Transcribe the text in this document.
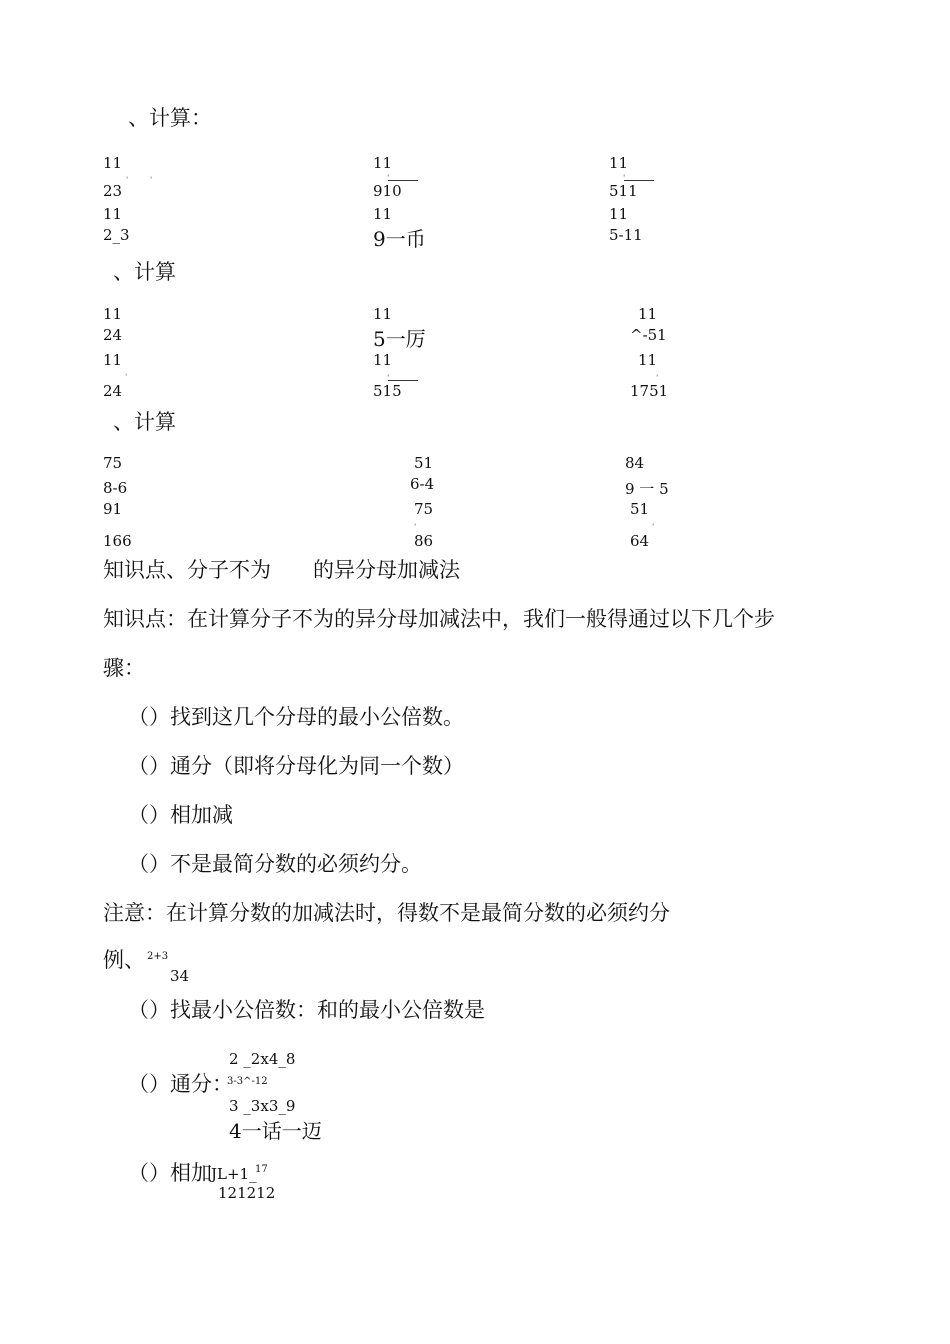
、计算：
11
ˈ	ˈ
23
11
2_3
11
ˈ
910
11
9一币
11
ˈ
511
11
5-11
、计算
11
24
11
ˈ
24
11
5一厉
11
ˈ
515
11
^-51
11
ˈ
1751
、计算
75
8-6
91
166
51
6-4
75
ˈ
86
84
9 一 5
51
ˈ
64
知识点、分子不为　　的异分母加减法
知识点：在计算分子不为的异分母加减法中，我们一般得通过以下几个步
骤：
（）找到这几个分母的最小公倍数。
（）通分（即将分母化为同一个数）
（）相加减
（）不是最简分数的必须约分。
注意：在计算分数的加减法时，得数不是最简分数的必须约分
例、 2+3
34
（）找最小公倍数：和的最小公倍数是
（）通分：
2 _2x4_8
3-3^-12
3 _3x3_9
4一话一迈
（）相加 JL+1_
17
121212
